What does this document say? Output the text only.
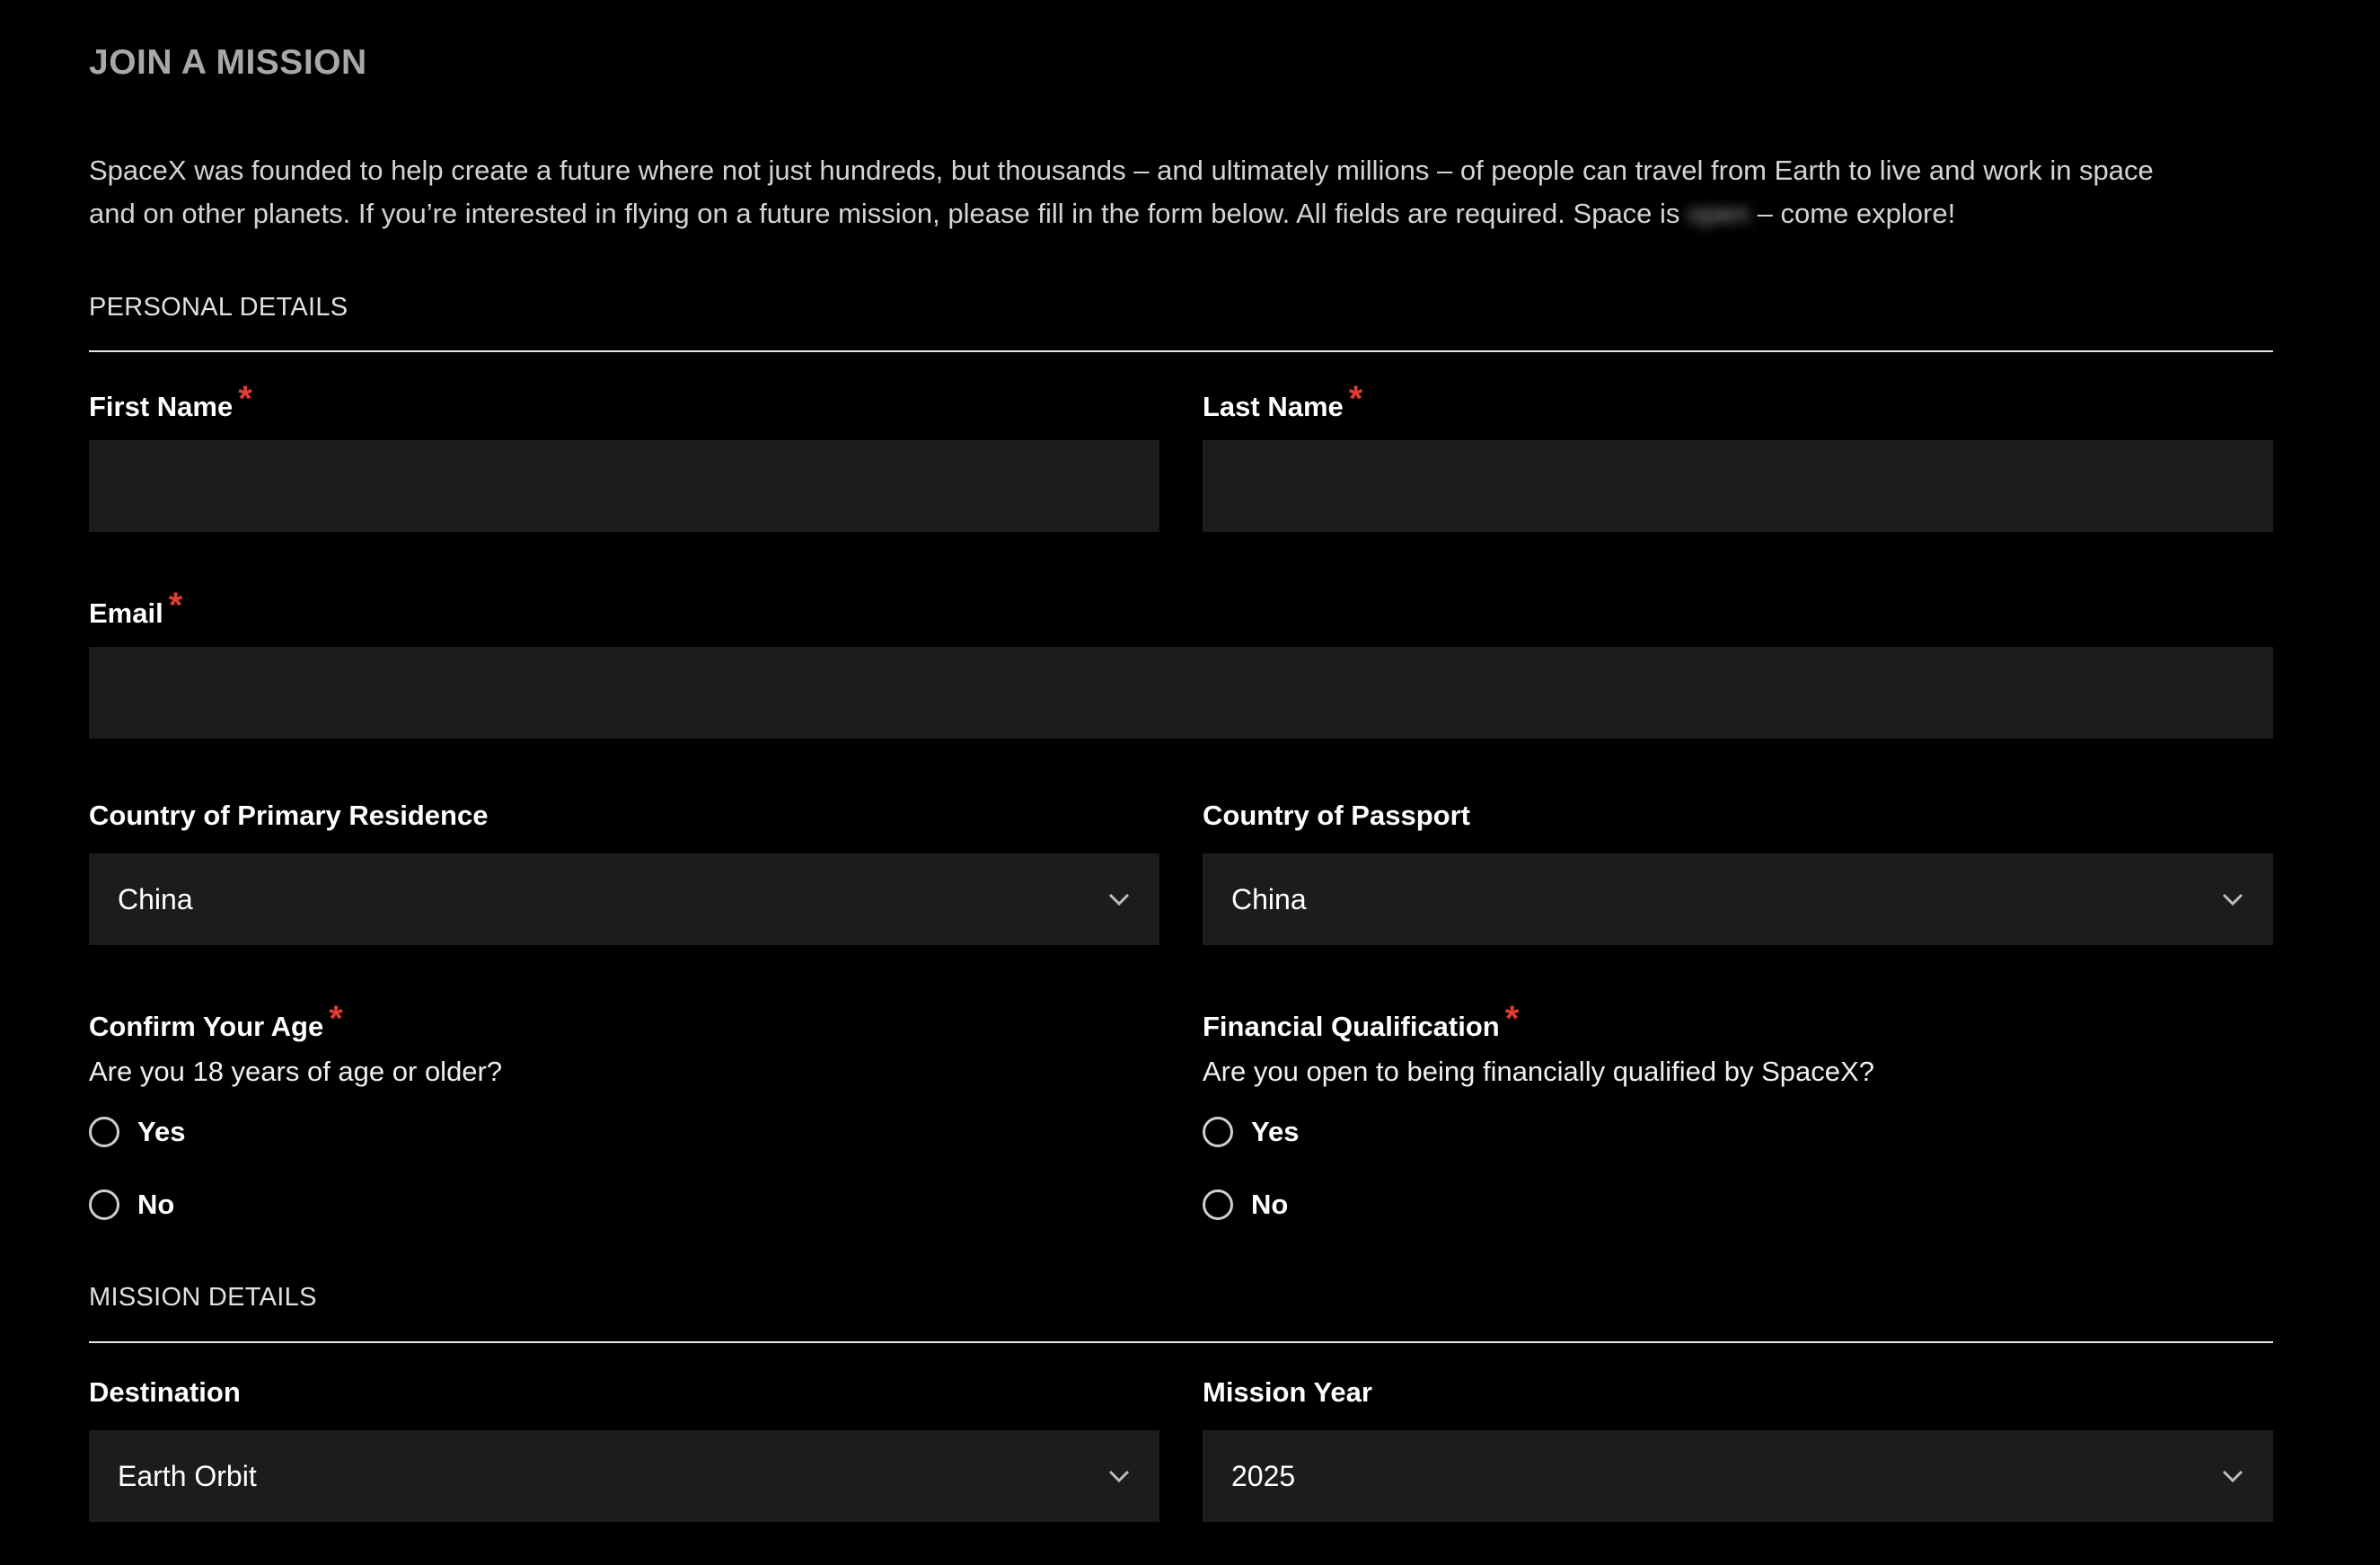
JOIN A MISSION

SpaceX was founded to help create a future where not just hundreds, but thousands – and ultimately millions – of people can travel from Earth to live and work in space
and on other planets. If you’re interested in flying on a future mission, please fill in the form below. All fields are required. Space is open – come explore!

PERSONAL DETAILS
First Name *	Last Name *
Email *
Country of Primary Residence
China
Country of Passport
China
Confirm Your Age *
Are you 18 years of age or older?
Yes
No
Financial Qualification *
Are you open to being financially qualified by SpaceX?
Yes
No
MISSION DETAILS
Destination
Earth Orbit
Mission Year
2025
